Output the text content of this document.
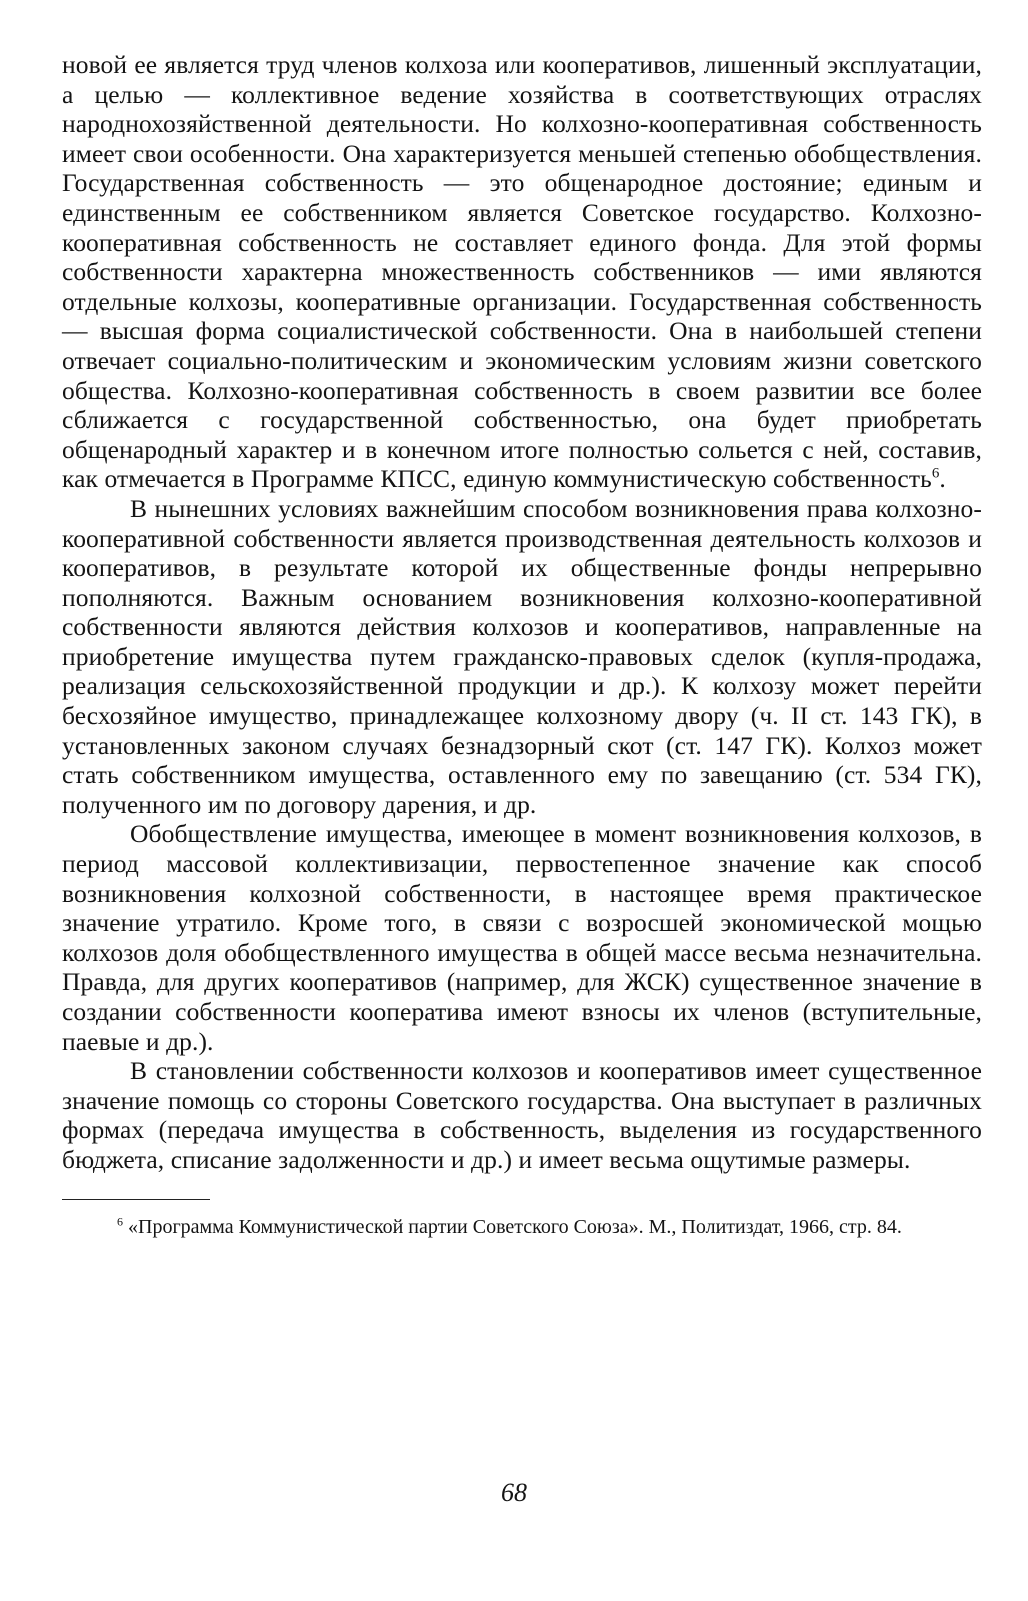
новой ее является труд членов колхоза или кооперативов, лишенный эксплуатации, а целью — коллективное ведение хозяйства в соответствующих отраслях народнохозяйственной деятельности. Но колхозно-кооперативная собственность имеет свои особенности. Она характеризуется меньшей степенью обобществления. Государственная собственность — это общенародное достояние; единым и единственным ее собственником является Советское государство. Колхозно-кооперативная собственность не составляет единого фонда. Для этой формы собственности характерна множественность собственников — ими являются отдельные колхозы, кооперативные организации. Государственная собственность — высшая форма социалистической собственности. Она в наибольшей степени отвечает социально-политическим и экономическим условиям жизни советского общества. Колхозно-кооперативная собственность в своем развитии все более сближается с государственной собственностью, она будет приобретать общенародный характер и в конечном итоге полностью сольется с ней, составив, как отмечается в Программе КПСС, единую коммунистическую собственность$^6$.

В нынешних условиях важнейшим способом возникновения права колхозно-кооперативной собственности является производственная деятельность колхозов и кооперативов, в результате которой их общественные фонды непрерывно пополняются. Важным основанием возникновения колхозно-кооперативной собственности являются действия колхозов и кооперативов, направленные на приобретение имущества путем гражданско-правовых сделок (купля-продажа, реализация сельскохозяйственной продукции и др.). К колхозу может перейти бесхозяйное имущество, принадлежащее колхозному двору (ч. II ст. 143 ГК), в установленных законом случаях безнадзорный скот (ст. 147 ГК). Колхоз может стать собственником имущества, оставленного ему по завещанию (ст. 534 ГК), полученного им по договору дарения, и др.

Обобществление имущества, имеющее в момент возникновения колхозов, в период массовой коллективизации, первостепенное значение как способ возникновения колхозной собственности, в настоящее время практическое значение утратило. Кроме того, в связи с возросшей экономической мощью колхозов доля обобществленного имущества в общей массе весьма незначительна. Правда, для других кооперативов (например, для ЖСК) существенное значение в создании собственности кооператива имеют взносы их членов (вступительные, паевые и др.).

В становлении собственности колхозов и кооперативов имеет существенное значение помощь со стороны Советского государства. Она выступает в различных формах (передача имущества в собственность, выделения из государственного бюджета, списание задолженности и др.) и имеет весьма ощутимые размеры.

$^6$ «Программа Коммунистической партии Советского Союза». М., Политиздат, 1966, стр. 84.

68
